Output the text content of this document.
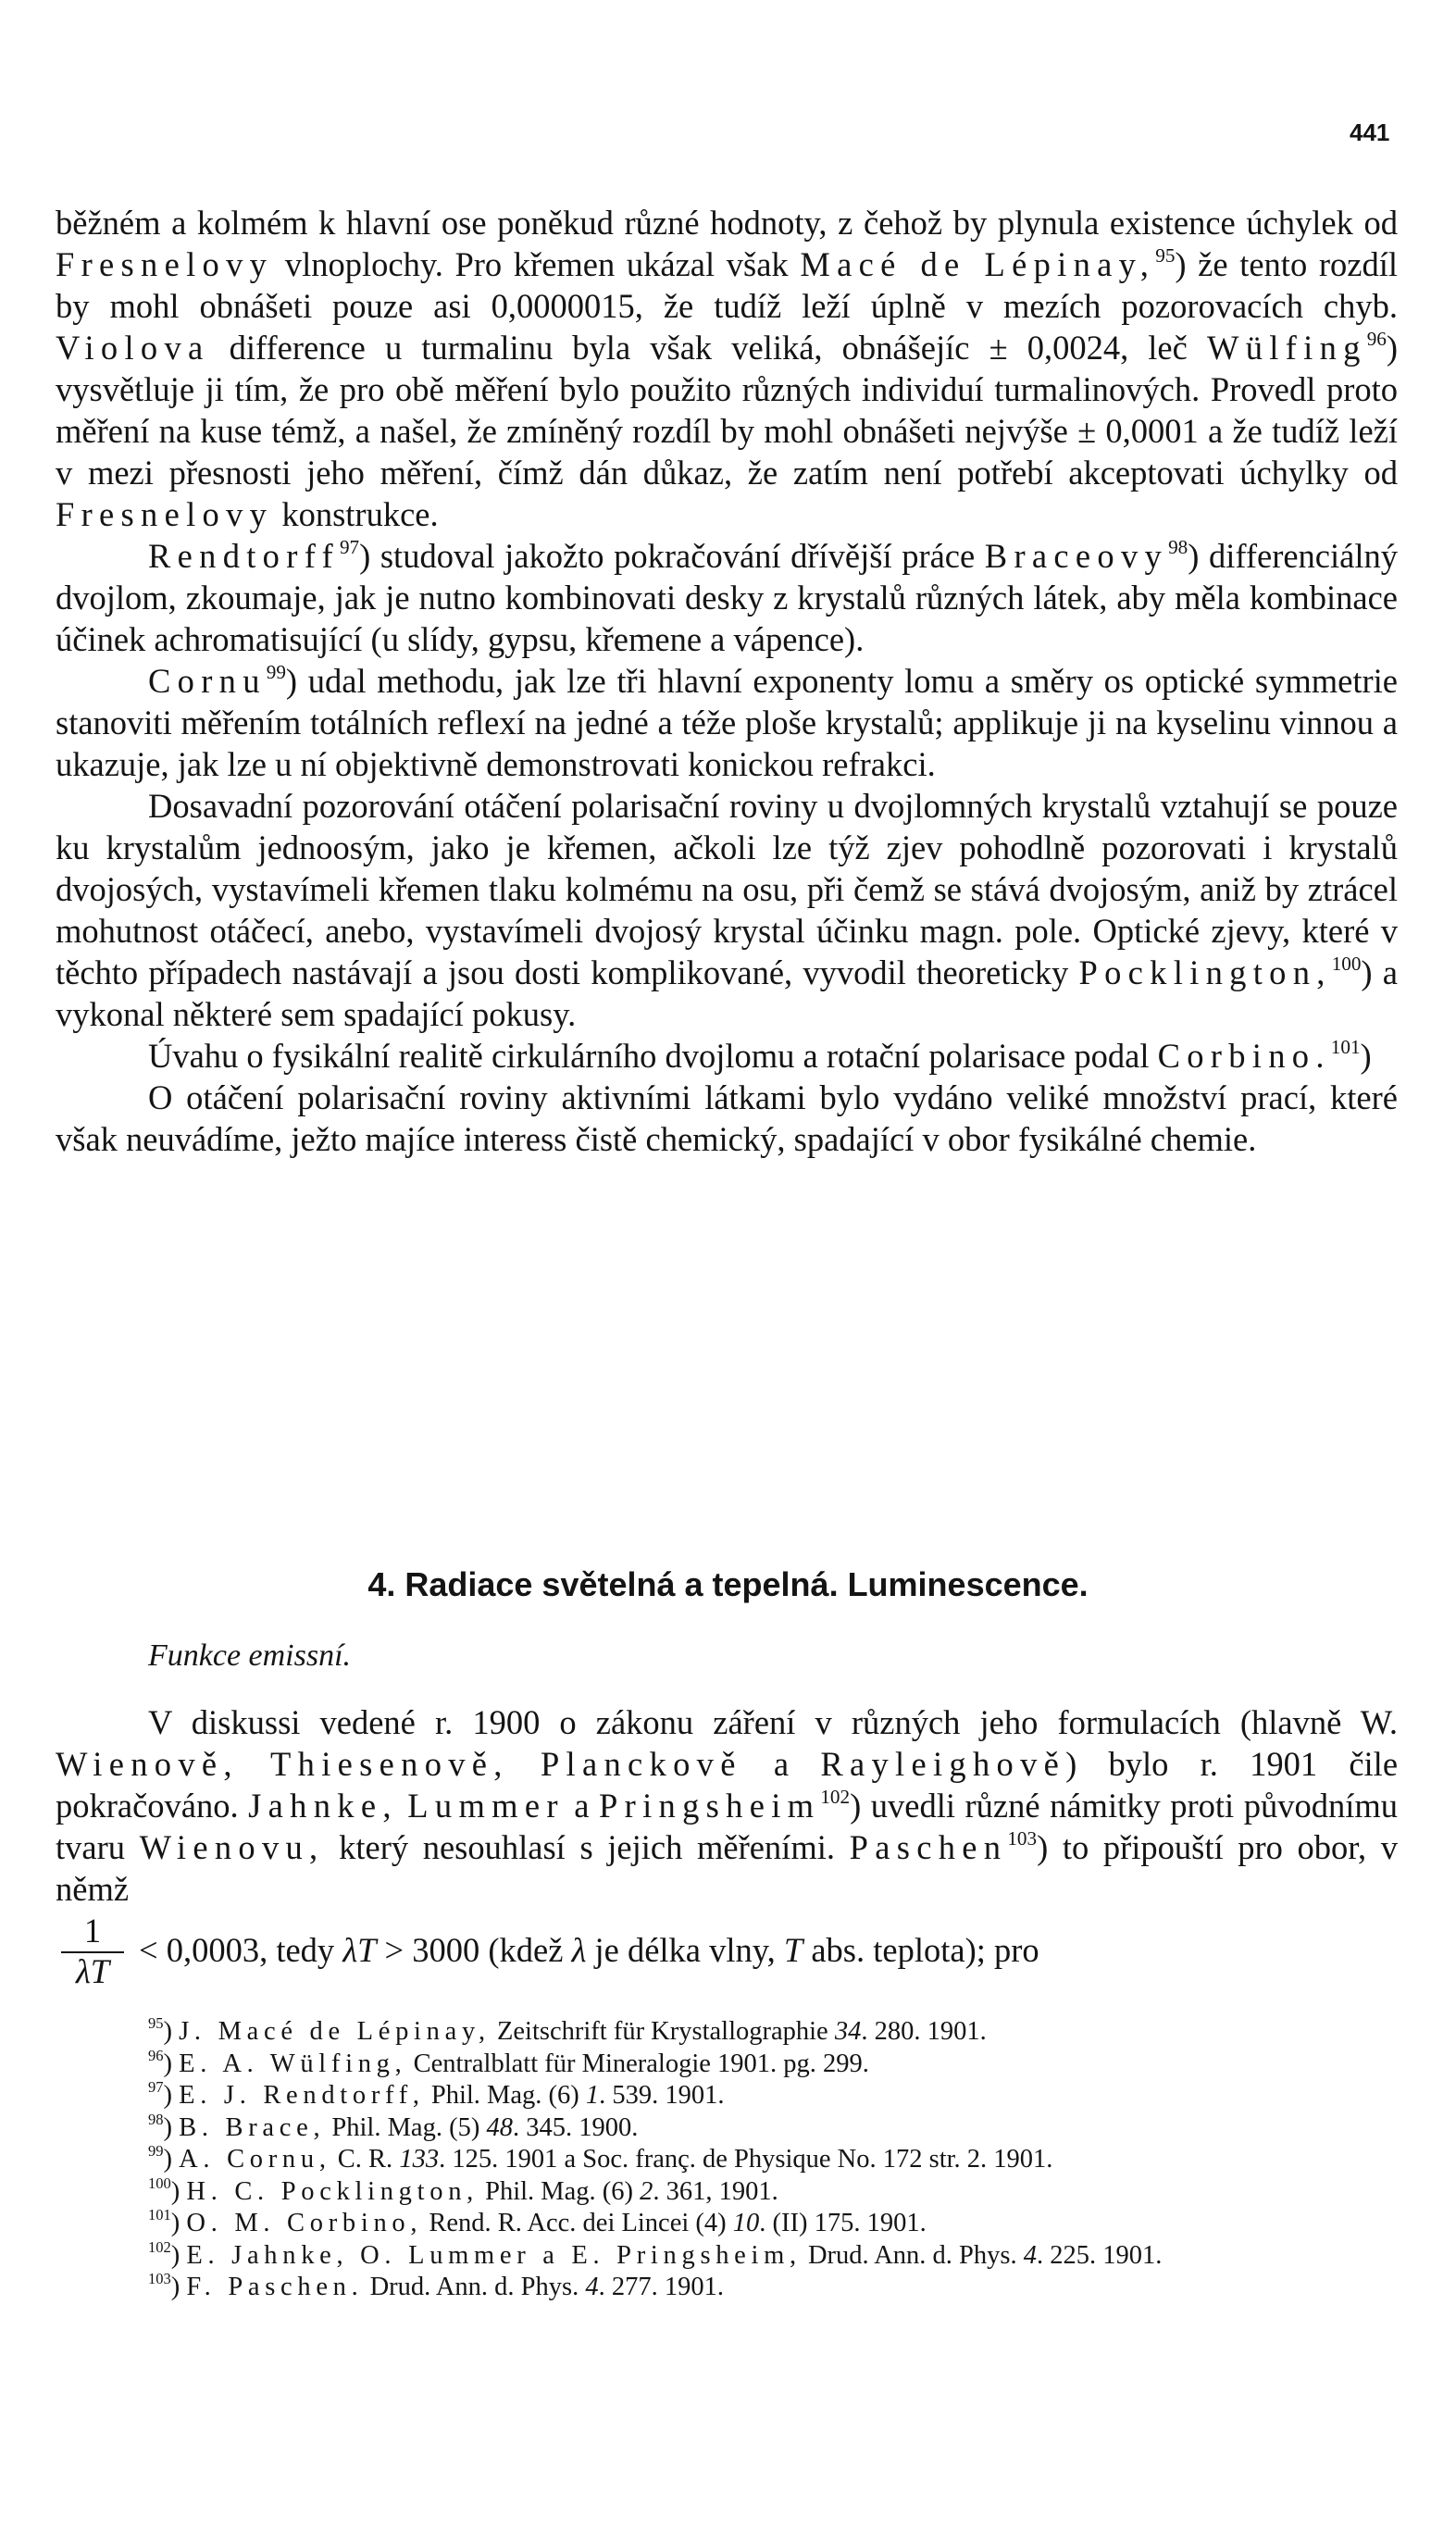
441

běžném a kolmém k hlavní ose poněkud různé hodnoty, z čehož by plynula existence úchylek od Fresnelovy vlnoplochy. Pro křemen ukázal však Macé de Lépinay,$^{95}$) že tento rozdíl by mohl obnášeti pouze asi 0,0000015, že tudíž leží úplně v mezích pozorovacích chyb. Violova difference u turmalinu byla však veliká, obnášejíc ± 0,0024, leč Wülfing$^{96}$) vysvětluje ji tím, že pro obě měření bylo použito různých individuí turmalinových. Provedl proto měření na kuse témž, a našel, že zmíněný rozdíl by mohl obnášeti nejvýše ± 0,0001 a že tudíž leží v mezi přesnosti jeho měření, čímž dán důkaz, že zatím není potřebí akceptovati úchylky od Fresnelovy konstrukce.

Rendtorff$^{97}$) studoval jakožto pokračování dřívější práce Braceovy$^{98}$) differenciálný dvojlom, zkoumaje, jak je nutno kombinovati desky z krystalů různých látek, aby měla kombinace účinek achromatisující (u slídy, gypsu, křemene a vápence).

Cornu$^{99}$) udal methodu, jak lze tři hlavní exponenty lomu a směry os optické symmetrie stanoviti měřením totálních reflexí na jedné a téže ploše krystalů; applikuje ji na kyselinu vinnou a ukazuje, jak lze u ní objektivně demonstrovati konickou refrakci.

Dosavadní pozorování otáčení polarisační roviny u dvojlomných krystalů vztahují se pouze ku krystalům jednoosým, jako je křemen, ačkoli lze týž zjev pohodlně pozorovati i krystalů dvojosých, vystavímeli křemen tlaku kolmému na osu, při čemž se stává dvojosým, aniž by ztrácel mohutnost otáčecí, anebo, vystavímeli dvojosý krystal účinku magn. pole. Optické zjevy, které v těchto případech nastávají a jsou dosti komplikované, vyvodil theoreticky Pocklington,$^{100}$) a vykonal některé sem spadající pokusy.

Úvahu o fysikální realitě cirkulárního dvojlomu a rotační polarisace podal Corbino.$^{101}$)

O otáčení polarisační roviny aktivními látkami bylo vydáno veliké množství prací, které však neuvádíme, ježto majíce interess čistě chemický, spadající v obor fysikálné chemie.

4. Radiace světelná a tepelná. Luminescence.
Funkce emissní.

V diskussi vedené r. 1900 o zákonu záření v různých jeho formulacích (hlavně W. Wienově, Thiesenově, Planckově a Rayleighově) bylo r. 1901 čile pokračováno. Jahnke, Lummer a Pringsheim$^{102}$) uvedli různé námitky proti původnímu tvaru Wienovu, který nesouhlasí s jejich měřeními. Paschen$^{103}$) to připouští pro obor, v němž

1
λT
< 0,0003, tedy λT > 3000 (kdež λ je délka vlny, T abs. teplota); pro
$^{95}$) J. Macé de Lépinay, Zeitschrift für Krystallographie 34. 280. 1901.
$^{96}$) E. A. Wülfing, Centralblatt für Mineralogie 1901. pg. 299.
$^{97}$) E. J. Rendtorff, Phil. Mag. (6) 1. 539. 1901.
$^{98}$) B. Brace, Phil. Mag. (5) 48. 345. 1900.
$^{99}$) A. Cornu, C. R. 133. 125. 1901 a Soc. franç. de Physique No. 172 str. 2. 1901.
$^{100}$) H. C. Pocklington, Phil. Mag. (6) 2. 361, 1901.
$^{101}$) O. M. Corbino, Rend. R. Acc. dei Lincei (4) 10. (II) 175. 1901.
$^{102}$) E. Jahnke, O. Lummer a E. Pringsheim, Drud. Ann. d. Phys. 4. 225. 1901.
$^{103}$) F. Paschen. Drud. Ann. d. Phys. 4. 277. 1901.
